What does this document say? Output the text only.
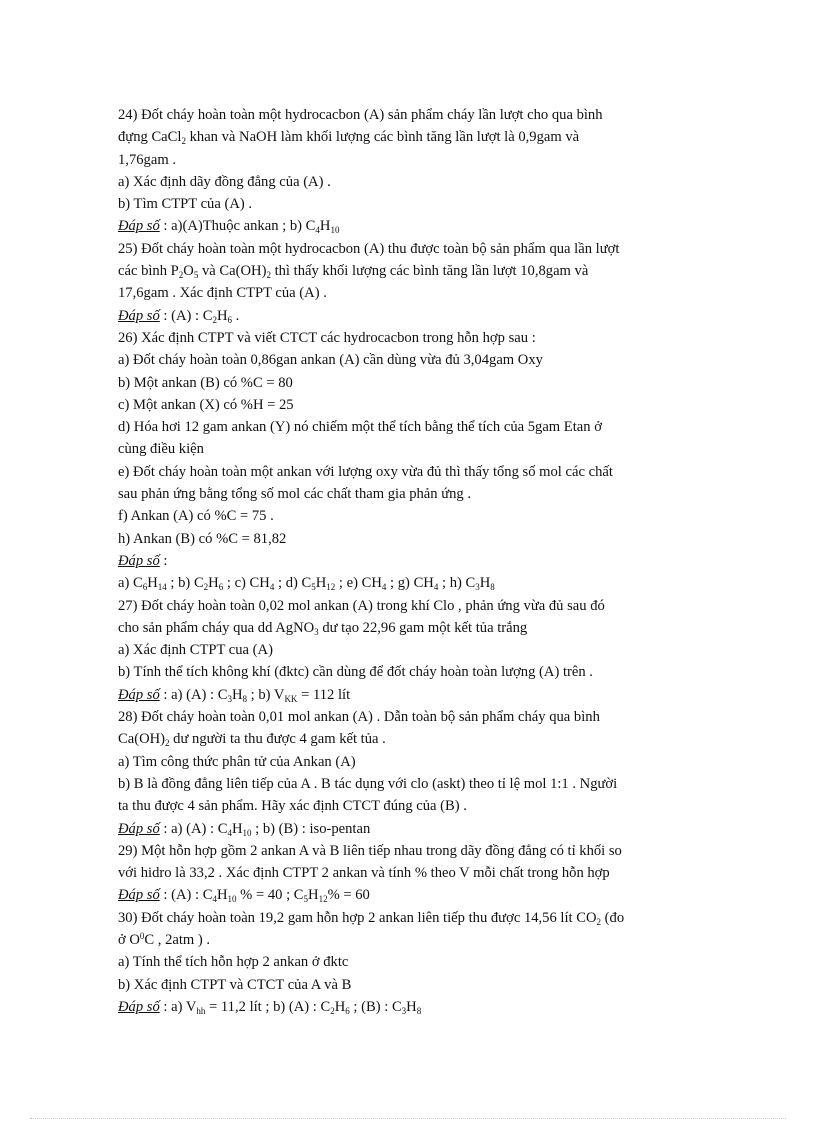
24) Đốt cháy hoàn toàn một hydrocacbon (A) sản phẩm cháy lần lượt cho qua bình
đựng CaCl$_2$ khan và NaOH làm khối lượng các bình tăng lần lượt là 0,9gam và
1,76gam .
a) Xác định dãy đồng đẳng của (A) .
b) Tìm CTPT của (A) .
Đáp số : a)(A)Thuộc ankan ; b) $C_4H_{10}$
25) Đốt cháy hoàn toàn một hydrocacbon (A) thu được toàn bộ sản phẩm qua lần lượt
các bình $P_2O_5$ và $Ca(OH)_2$ thì thấy khối lượng các bình tăng lần lượt 10,8gam và
17,6gam . Xác định CTPT của (A) .
Đáp số : (A) : $C_2H_6$ .
26) Xác định CTPT và viết CTCT các hydrocacbon trong hỗn hợp sau :
a) Đốt cháy hoàn toàn 0,86gan ankan (A) cần dùng vừa đủ 3,04gam Oxy
b) Một ankan (B) có %C = 80
c) Một ankan (X) có %H = 25
d) Hóa hơi 12 gam ankan (Y) nó chiếm một thể tích bằng thể tích của 5gam Etan ở
cùng điều kiện
e) Đốt cháy hoàn toàn một ankan với lượng oxy vừa đủ thì thấy tổng số mol các chất
sau phản ứng bằng tổng số mol các chất tham gia phản ứng .
f) Ankan (A) có %C = 75 .
h) Ankan (B) có %C = 81,82
Đáp số :
a) $C_6H_{14}$ ; b) $C_2H_6$ ; c) $CH_4$ ; d) $C_5H_{12}$ ; e) $CH_4$ ; g) $CH_4$ ; h) $C_3H_8$
27) Đốt cháy hoàn toàn 0,02 mol ankan (A) trong khí Clo , phản ứng vừa đủ sau đó
cho sản phẩm cháy qua dd AgNO$_3$ dư tạo 22,96 gam một kết tủa trắng
a) Xác định CTPT cua (A)
b) Tính thể tích không khí (đktc) cần dùng để đốt cháy hoàn toàn lượng (A) trên .
Đáp số : a) (A) : $C_3H_8$ ; b) $V_{KK} = 112$ lít
28) Đốt cháy hoàn toàn 0,01 mol ankan (A) . Dẫn toàn bộ sản phẩm cháy qua bình
$Ca(OH)_2$ dư người ta thu được 4 gam kết tủa .
a) Tìm công thức phân tử của Ankan (A)
b) B là đồng đẳng liên tiếp của A . B tác dụng với clo (askt) theo tỉ lệ mol 1:1 . Người
ta thu được 4 sản phẩm. Hãy xác định CTCT đúng của (B) .
Đáp số : a) (A) : $C_4H_{10}$ ; b) (B) : iso-pentan
29) Một hỗn hợp gồm 2 ankan A và B liên tiếp nhau trong dãy đồng đẳng có tỉ khối so
với hidro là 33,2 . Xác định CTPT 2 ankan và tính % theo V mỗi chất trong hỗn hợp
Đáp số : (A) : $C_4H_{10}$ % = 40 ; $C_5H_{12}\% = 60$
30) Đốt cháy hoàn toàn 19,2 gam hỗn hợp 2 ankan liên tiếp thu được 14,56 lít $CO_2$ (đo
ở $O^0C$ , 2atm ) .
a) Tính thể tích hỗn hợp 2 ankan ở đktc
b) Xác định CTPT và CTCT của A và B
Đáp số : a) $V_{hh} = 11,2$ lít ; b) (A) : $C_2H_6$ ; (B) : $C_3H_8$
